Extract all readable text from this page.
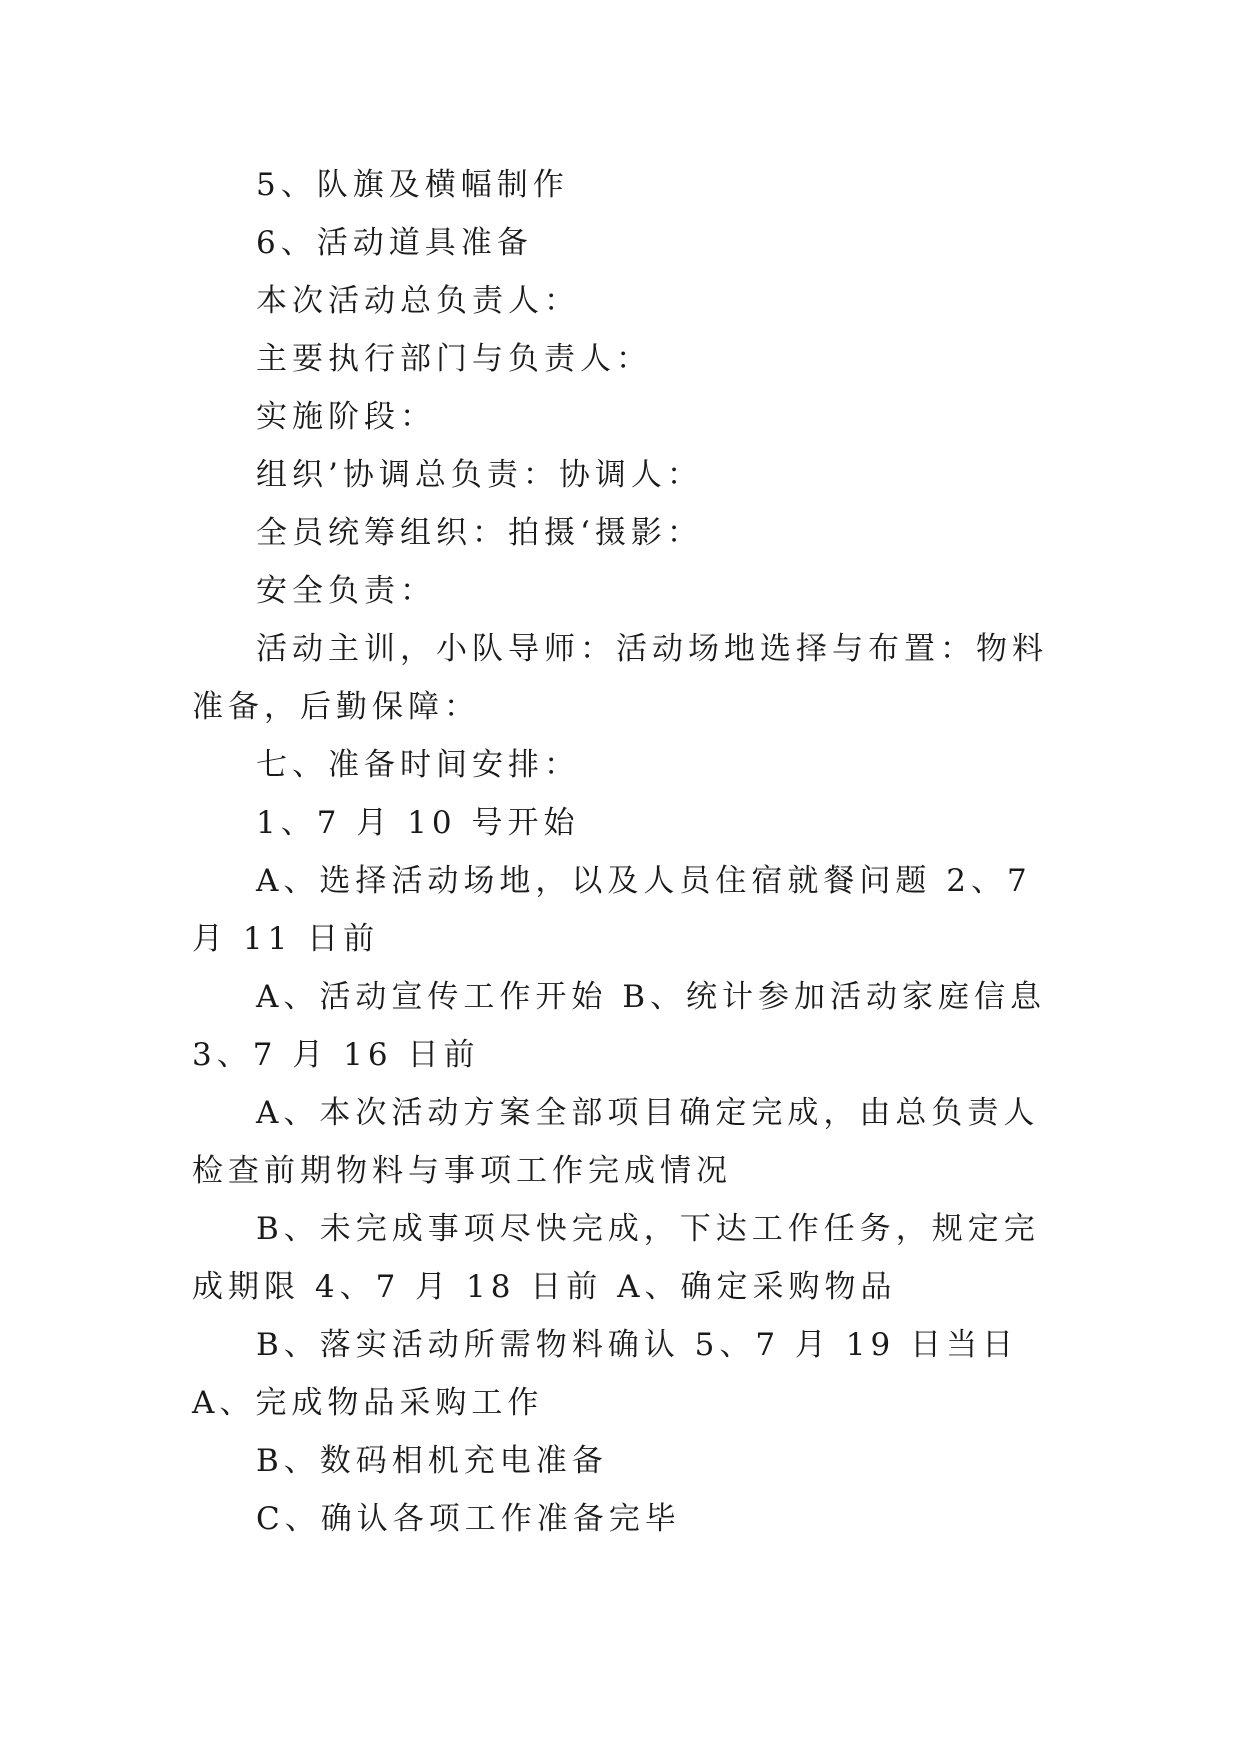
5、队旗及横幅制作

6、活动道具准备

本次活动总负责人：

主要执行部门与负责人：

实施阶段：

组织’协调总负责：协调人：

全员统筹组织：拍摄‘摄影：

安全负责：

活动主训，小队导师：活动场地选择与布置：物料准备，后勤保障：

七、准备时间安排：

1、7 月 10 号开始

A、选择活动场地，以及人员住宿就餐问题 2、7 月 11 日前

A、活动宣传工作开始 B、统计参加活动家庭信息 3、7 月 16 日前

A、本次活动方案全部项目确定完成，由总负责人检查前期物料与事项工作完成情况

B、未完成事项尽快完成，下达工作任务，规定完成期限 4、7 月 18 日前 A、确定采购物品

B、落实活动所需物料确认 5、7 月 19 日当日 A、完成物品采购工作

B、数码相机充电准备

C、确认各项工作准备完毕
